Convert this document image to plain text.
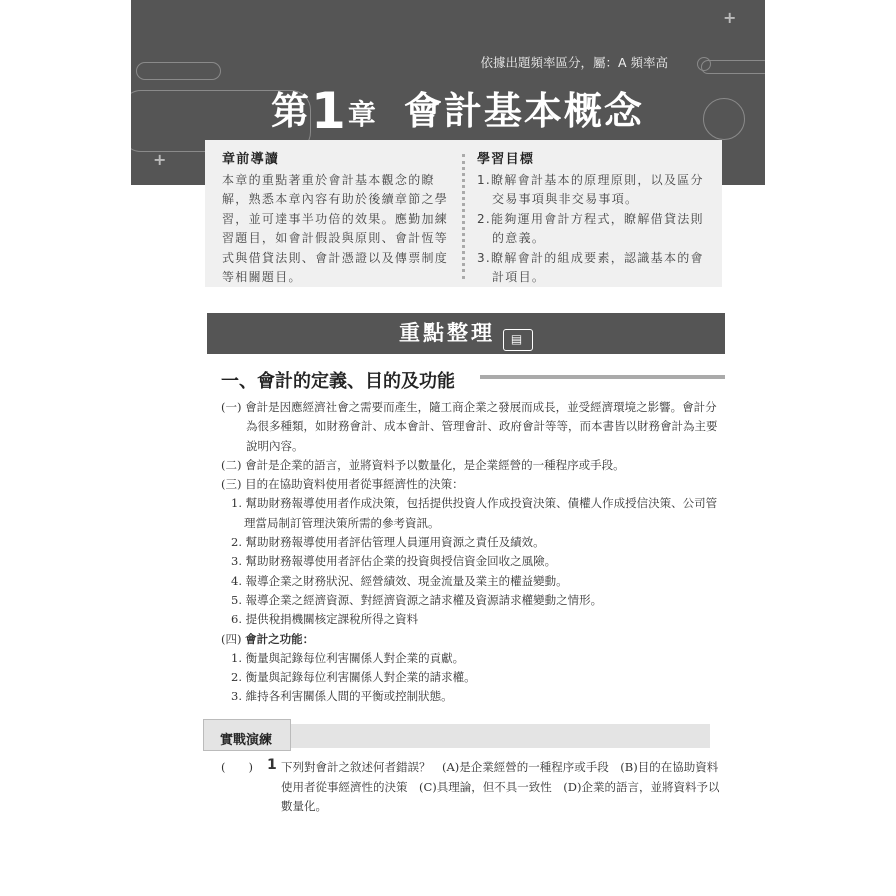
+
+
依據出題頻率區分，屬：A 頻率高
第1章 會計基本概念
章前導讀

本章的重點著重於會計基本觀念的瞭解，熟悉本章內容有助於後續章節之學習，並可達事半功倍的效果。應勤加練習題目，如會計假設與原則、會計恆等式與借貸法則、會計憑證以及傳票制度等相關題目。

學習目標

1.瞭解會計基本的原理原則，以及區分交易事項與非交易事項。

2.能夠運用會計方程式，瞭解借貸法則的意義。

3.瞭解會計的組成要素，認識基本的會計項目。

重點整理 ▤
一、會計的定義、目的及功能

(一) 會計是因應經濟社會之需要而產生，隨工商企業之發展而成長，並受經濟環境之影響。會計分為很多種類，如財務會計、成本會計、管理會計、政府會計等等，而本書皆以財務會計為主要說明內容。

(二) 會計是企業的語言，並將資料予以數量化，是企業經營的一種程序或手段。

(三) 目的在協助資料使用者從事經濟性的決策：

1. 幫助財務報導使用者作成決策，包括提供投資人作成投資決策、債權人作成授信決策、公司管理當局制訂管理決策所需的參考資訊。

2. 幫助財務報導使用者評估管理人員運用資源之責任及績效。

3. 幫助財務報導使用者評估企業的投資與授信資金回收之風險。

4. 報導企業之財務狀況、經營績效、現金流量及業主的權益變動。

5. 報導企業之經濟資源、對經濟資源之請求權及資源請求權變動之情形。

6. 提供稅捐機關核定課稅所得之資料

(四) 會計之功能：

1. 衡量與記錄每位利害關係人對企業的貢獻。

2. 衡量與記錄每位利害關係人對企業的請求權。

3. 維持各利害關係人間的平衡或控制狀態。

實戰演練
(　　) 1 下列對會計之敘述何者錯誤？　(A)是企業經營的一種程序或手段　(B)目的在協助資料使用者從事經濟性的決策　(C)具理論，但不具一致性　(D)企業的語言，並將資料予以數量化。
